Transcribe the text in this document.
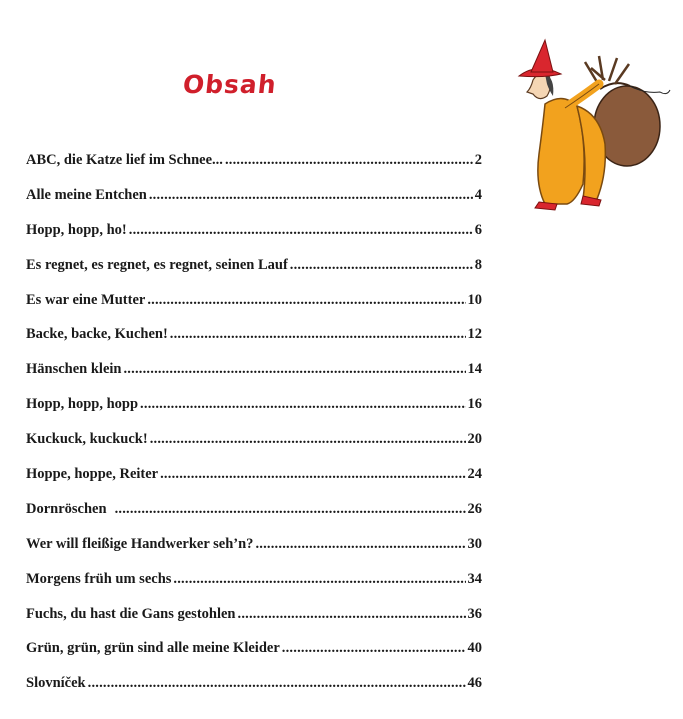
Obsah
ABC, die Katze lief im Schnee... .....	2
Alle meine Entchen .....	4
Hopp, hopp, ho! .....	6
Es regnet, es regnet, es regnet, seinen Lauf .....	8
Es war eine Mutter .....	10
Backe, backe, Kuchen! .....	12
Hänschen klein .....	14
Hopp, hopp, hopp .....	16
Kuckuck, kuckuck! .....	20
Hoppe, hoppe, Reiter .....	24
Dornröschen .....	26
Wer will fleißige Handwerker seh’n? .....	30
Morgens früh um sechs .....	34
Fuchs, du hast die Gans gestohlen .....	36
Grün, grün, grün sind alle meine Kleider .....	40
Slovníček .....	46
